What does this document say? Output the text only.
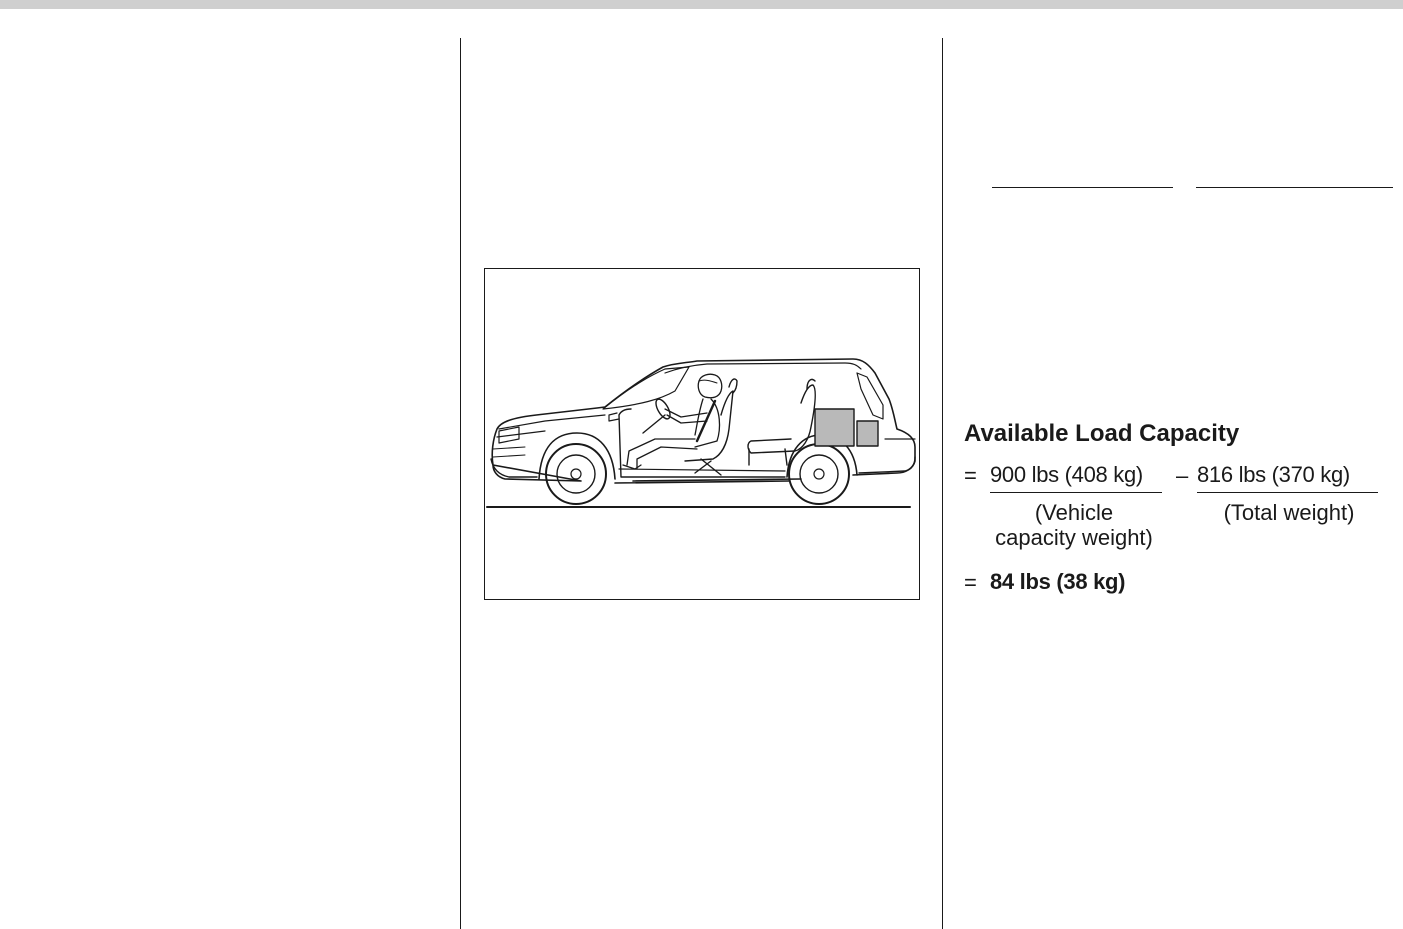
Available Load Capacity
= 900 lbs (408 kg)	– 816 lbs (370 kg)
(Vehicle
capacity weight)
(Total weight)
= 84 lbs (38 kg)
